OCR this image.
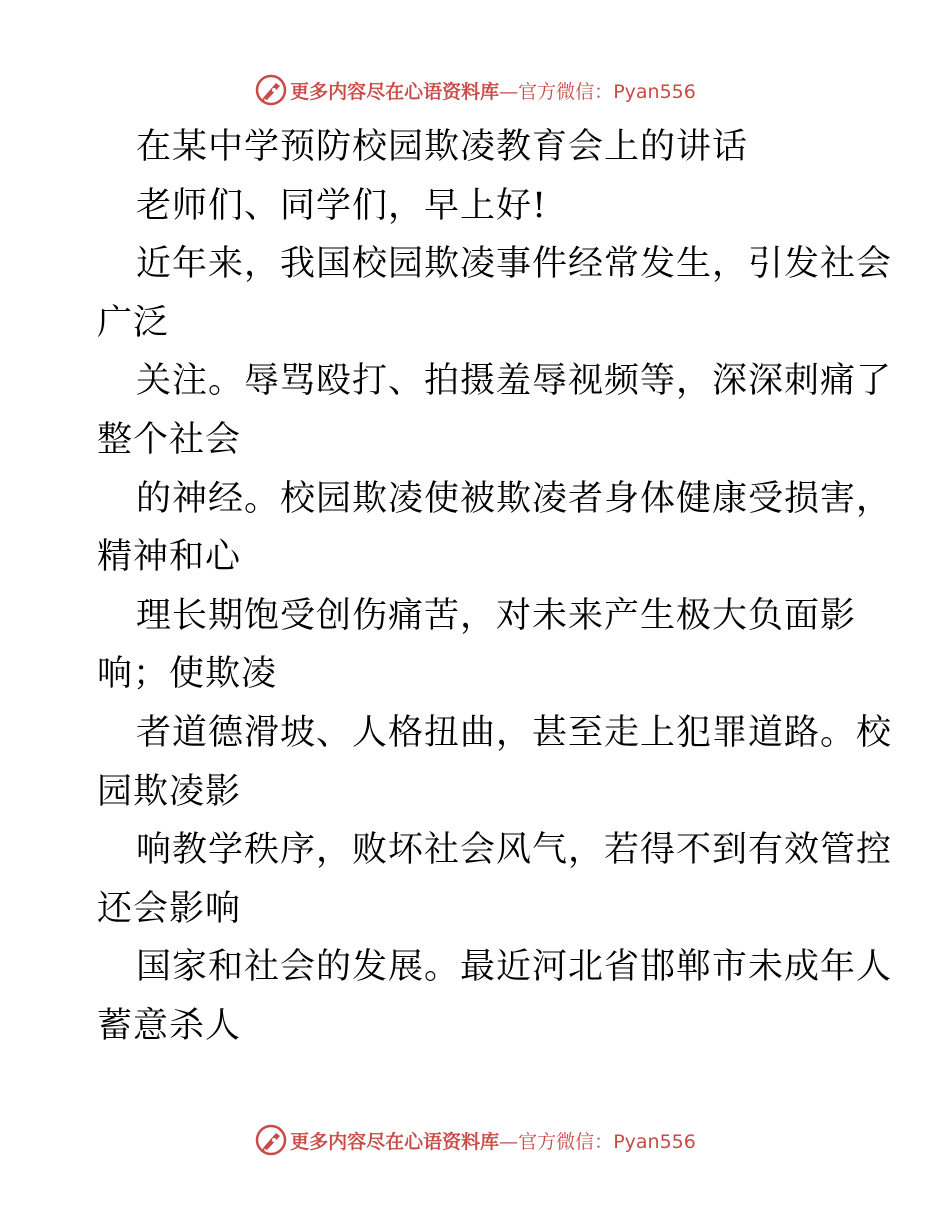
更多内容尽在心语资料库—官方微信：Pyan556
在某中学预防校园欺凌教育会上的讲话
老师们、同学们，早上好!
近年来，我国校园欺凌事件经常发生，引发社会
广泛
关注。辱骂殴打、拍摄羞辱视频等，深深刺痛了
整个社会
的神经。校园欺凌使被欺凌者身体健康受损害，
精神和心
理长期饱受创伤痛苦，对未来产生极大负面影
响；使欺凌
者道德滑坡、人格扭曲，甚至走上犯罪道路。校
园欺凌影
响教学秩序，败坏社会风气，若得不到有效管控
还会影响
国家和社会的发展。最近河北省邯郸市未成年人
蓄意杀人
更多内容尽在心语资料库—官方微信：Pyan556
